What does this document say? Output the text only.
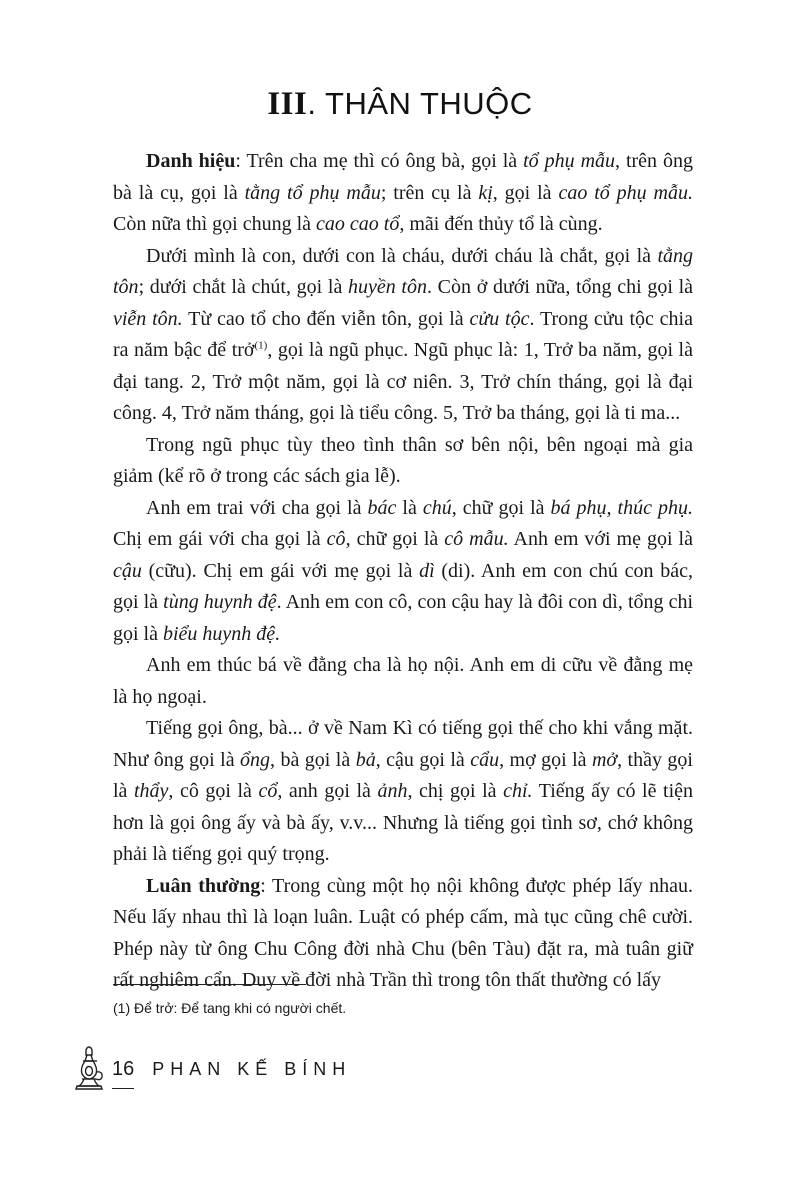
III. THÂN THUỘC

Danh hiệu: Trên cha mẹ thì có ông bà, gọi là tổ phụ mẫu, trên ông bà là cụ, gọi là tằng tổ phụ mẫu; trên cụ là kị, gọi là cao tổ phụ mẫu. Còn nữa thì gọi chung là cao cao tổ, mãi đến thủy tổ là cùng.

Dưới mình là con, dưới con là cháu, dưới cháu là chắt, gọi là tằng tôn; dưới chắt là chút, gọi là huyền tôn. Còn ở dưới nữa, tổng chi gọi là viễn tôn. Từ cao tổ cho đến viễn tôn, gọi là cửu tộc. Trong cửu tộc chia ra năm bậc để trở$^{(1)}$, gọi là ngũ phục. Ngũ phục là: 1, Trở ba năm, gọi là đại tang. 2, Trở một năm, gọi là cơ niên. 3, Trở chín tháng, gọi là đại công. 4, Trở năm tháng, gọi là tiểu công. 5, Trở ba tháng, gọi là ti ma...

Trong ngũ phục tùy theo tình thân sơ bên nội, bên ngoại mà gia giảm (kể rõ ở trong các sách gia lễ).

Anh em trai với cha gọi là bác là chú, chữ gọi là bá phụ, thúc phụ. Chị em gái với cha gọi là cô, chữ gọi là cô mẫu. Anh em với mẹ gọi là cậu (cữu). Chị em gái với mẹ gọi là dì (di). Anh em con chú con bác, gọi là tùng huynh đệ. Anh em con cô, con cậu hay là đôi con dì, tổng chi gọi là biểu huynh đệ.

Anh em thúc bá về đằng cha là họ nội. Anh em di cữu về đằng mẹ là họ ngoại.

Tiếng gọi ông, bà... ở về Nam Kì có tiếng gọi thế cho khi vắng mặt. Như ông gọi là ổng, bà gọi là bả, cậu gọi là cẩu, mợ gọi là mở, thầy gọi là thẩy, cô gọi là cổ, anh gọi là ảnh, chị gọi là chỉ. Tiếng ấy có lẽ tiện hơn là gọi ông ấy và bà ấy, v.v... Nhưng là tiếng gọi tình sơ, chớ không phải là tiếng gọi quý trọng.

Luân thường: Trong cùng một họ nội không được phép lấy nhau. Nếu lấy nhau thì là loạn luân. Luật có phép cấm, mà tục cũng chê cười. Phép này từ ông Chu Công đời nhà Chu (bên Tàu) đặt ra, mà tuân giữ rất nghiêm cẩn. Duy về đời nhà Trần thì trong tôn thất thường có lấy

(1) Để trở: Để tang khi có người chết.
16 PHAN KẾ BÍNH
